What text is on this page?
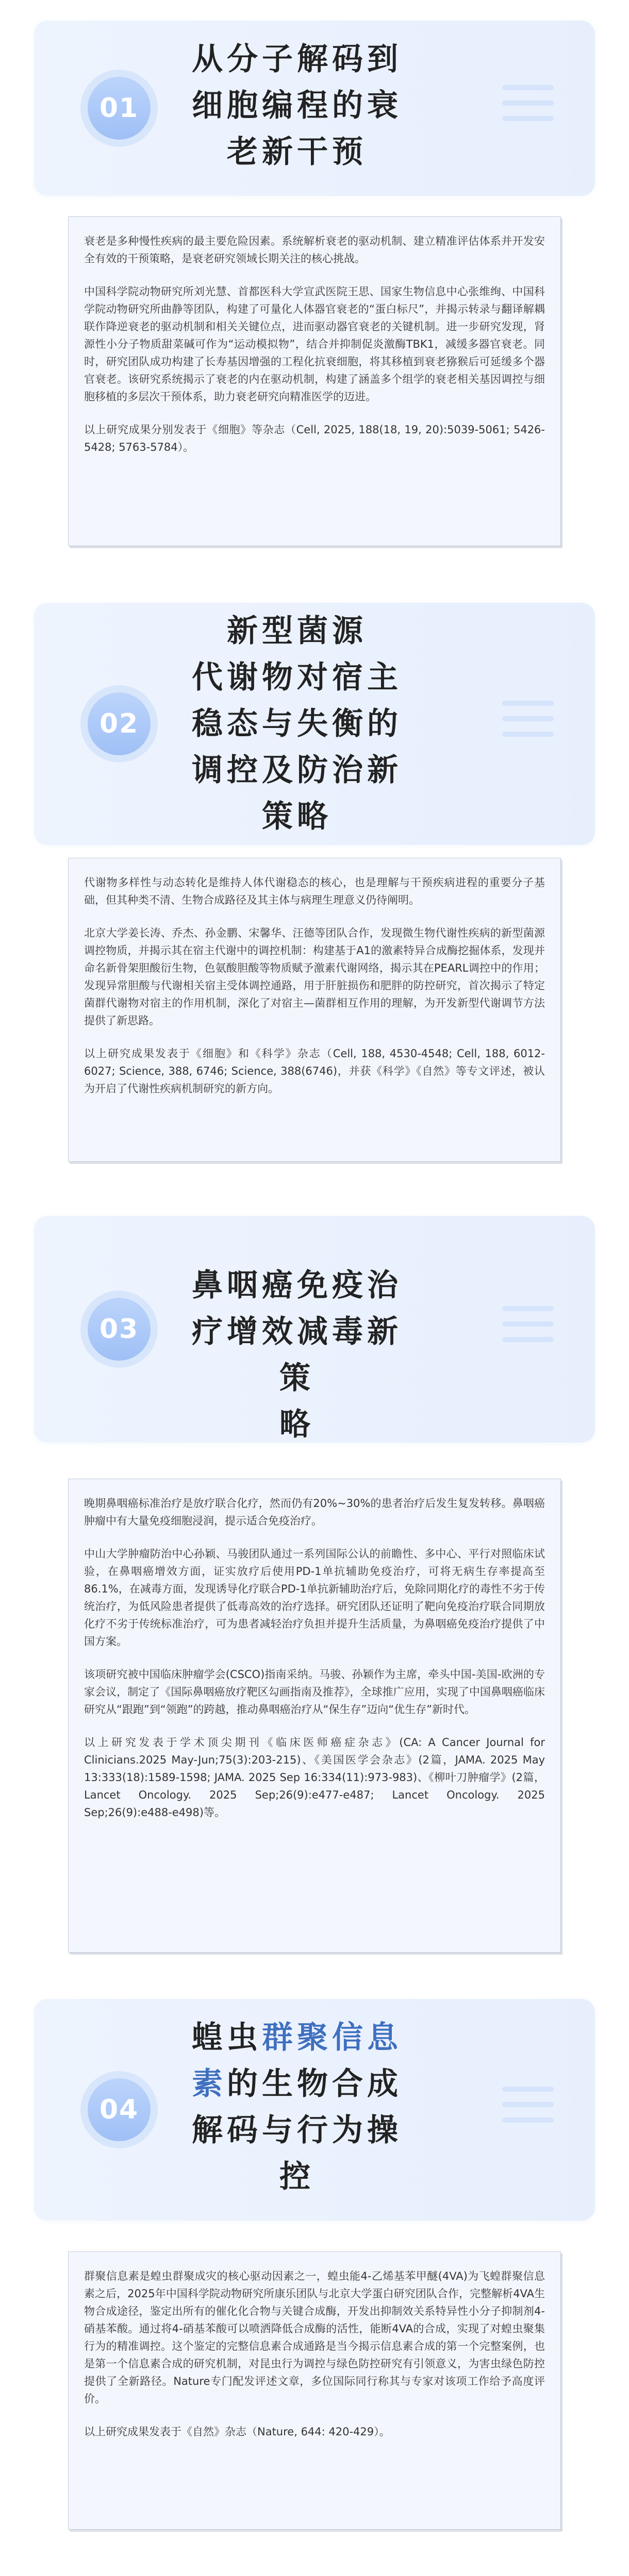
01
从分子解码到
细胞编程的衰
老新干预

衰老是多种慢性疾病的最主要危险因素。系统解析衰老的驱动机制、建立精准评估体系并开发安全有效的干预策略，是衰老研究领域长期关注的核心挑战。

中国科学院动物研究所刘光慧、首都医科大学宣武医院王思、国家生物信息中心张维绚、中国科学院动物研究所曲静等团队，构建了可量化人体器官衰老的“蛋白标尺”，并揭示转录与翻译解耦联作降逆衰老的驱动机制和相关关键位点，进而驱动器官衰老的关键机制。进一步研究发现，肾源性小分子物质甜菜碱可作为“运动模拟物”，结合并抑制促炎激酶TBK1，减缓多器官衰老。同时，研究团队成功构建了长寿基因增强的工程化抗衰细胞，将其移植到衰老猕猴后可延缓多个器官衰老。该研究系统揭示了衰老的内在驱动机制，构建了涵盖多个组学的衰老相关基因调控与细胞移植的多层次干预体系，助力衰老研究向精准医学的迈进。

以上研究成果分别发表于《细胞》等杂志（Cell, 2025, 188(18, 19, 20):5039-5061; 5426-5428; 5763-5784）。

02
新型菌源
代谢物对宿主
稳态与失衡的
调控及防治新
策略

代谢物多样性与动态转化是维持人体代谢稳态的核心，也是理解与干预疾病进程的重要分子基础，但其种类不清、生物合成路径及其主体与病理生理意义仍待阐明。

北京大学姜长涛、乔杰、孙金鹏、宋馨华、汪德等团队合作，发现微生物代谢性疾病的新型菌源调控物质，并揭示其在宿主代谢中的调控机制：构建基于A1的激素特异合成酶挖掘体系，发现并命名新骨架胆酸衍生物，色氨酸胆酸等物质赋予激素代谢网络，揭示其在PEARL调控中的作用；发现异常胆酸与代谢相关宿主受体调控通路，用于肝脏损伤和肥胖的防控研究，首次揭示了特定菌群代谢物对宿主的作用机制，深化了对宿主—菌群相互作用的理解，为开发新型代谢调节方法提供了新思路。

以上研究成果发表于《细胞》和《科学》杂志（Cell, 188, 4530-4548; Cell, 188, 6012-6027; Science, 388, 6746; Science, 388(6746)，并获《科学》《自然》等专文评述，被认为开启了代谢性疾病机制研究的新方向。

03
鼻咽癌免疫治
疗增效减毒新策
略

晚期鼻咽癌标准治疗是放疗联合化疗，然而仍有20%~30%的患者治疗后发生复发转移。鼻咽癌肿瘤中有大量免疫细胞浸润，提示适合免疫治疗。

中山大学肿瘤防治中心孙颖、马骏团队通过一系列国际公认的前瞻性、多中心、平行对照临床试验，在鼻咽癌增效方面，证实放疗后使用PD-1单抗辅助免疫治疗，可将无病生存率提高至86.1%，在减毒方面，发现诱导化疗联合PD-1单抗新辅助治疗后，免除同期化疗的毒性不劣于传统治疗，为低风险患者提供了低毒高效的治疗选择。研究团队还证明了靶向免疫治疗联合同期放化疗不劣于传统标准治疗，可为患者减轻治疗负担并提升生活质量，为鼻咽癌免疫治疗提供了中国方案。

该项研究被中国临床肿瘤学会(CSCO)指南采纳。马骏、孙颖作为主席，牵头中国-美国-欧洲的专家会议，制定了《国际鼻咽癌放疗靶区勾画指南及推荐》，全球推广应用，实现了中国鼻咽癌临床研究从“跟跑”到“领跑”的跨越，推动鼻咽癌治疗从“保生存”迈向“优生存”新时代。

以上研究发表于学术顶尖期刊《临床医师癌症杂志》(CA: A Cancer Journal for Clinicians.2025 May-Jun;75(3):203-215)、《美国医学会杂志》(2篇，JAMA. 2025 May 13:333(18):1589-1598; JAMA. 2025 Sep 16:334(11):973-983)、《柳叶刀肿瘤学》(2篇，Lancet Oncology. 2025 Sep;26(9):e477-e487; Lancet Oncology. 2025 Sep;26(9):e488-e498)等。

04
蝗虫群聚信息
素的生物合成
解码与行为操
控

群聚信息素是蝗虫群聚成灾的核心驱动因素之一，蝗虫能4-乙烯基苯甲醚(4VA)为飞蝗群聚信息素之后，2025年中国科学院动物研究所康乐团队与北京大学蛋白研究团队合作，完整解析4VA生物合成途径，鉴定出所有的催化化合物与关键合成酶，开发出抑制效关系特异性小分子抑制剂4-硝基苯酸。通过将4-硝基苯酸可以喷洒降低合成酶的活性，能断4VA的合成，实现了对蝗虫聚集行为的精准调控。这个鉴定的完整信息素合成通路是当今揭示信息素合成的第一个完整案例，也是第一个信息素合成的研究机制，对昆虫行为调控与绿色防控研究有引领意义，为害虫绿色防控提供了全新路径。Nature专门配发评述文章，多位国际同行称其与专家对该项工作给予高度评价。

以上研究成果发表于《自然》杂志（Nature, 644: 420-429）。
